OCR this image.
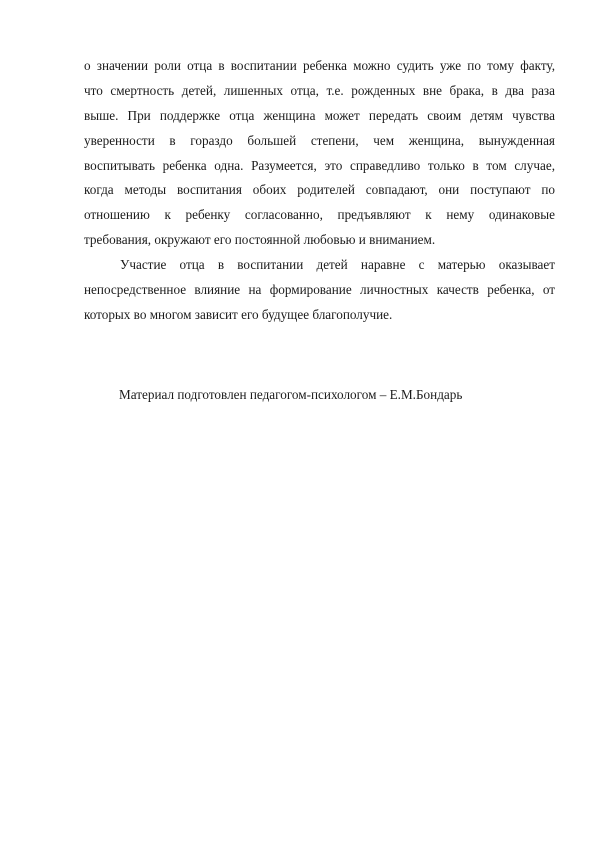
о значении роли отца в воспитании ребенка можно судить уже по тому факту,
что смертность детей, лишенных отца, т.е. рожденных вне брака, в два раза
выше. При поддержке отца женщина может передать своим детям чувства
уверенности в гораздо большей степени, чем женщина, вынужденная
воспитывать ребенка одна. Разумеется, это справедливо только в том случае,
когда методы воспитания обоих родителей совпадают, они поступают по
отношению к ребенку согласованно, предъявляют к нему одинаковые
требования, окружают его постоянной любовью и вниманием.
Участие отца в воспитании детей наравне с матерью оказывает
непосредственное влияние на формирование личностных качеств ребенка, от
которых во многом зависит его будущее благополучие.
Материал подготовлен педагогом-психологом – Е.М.Бондарь
